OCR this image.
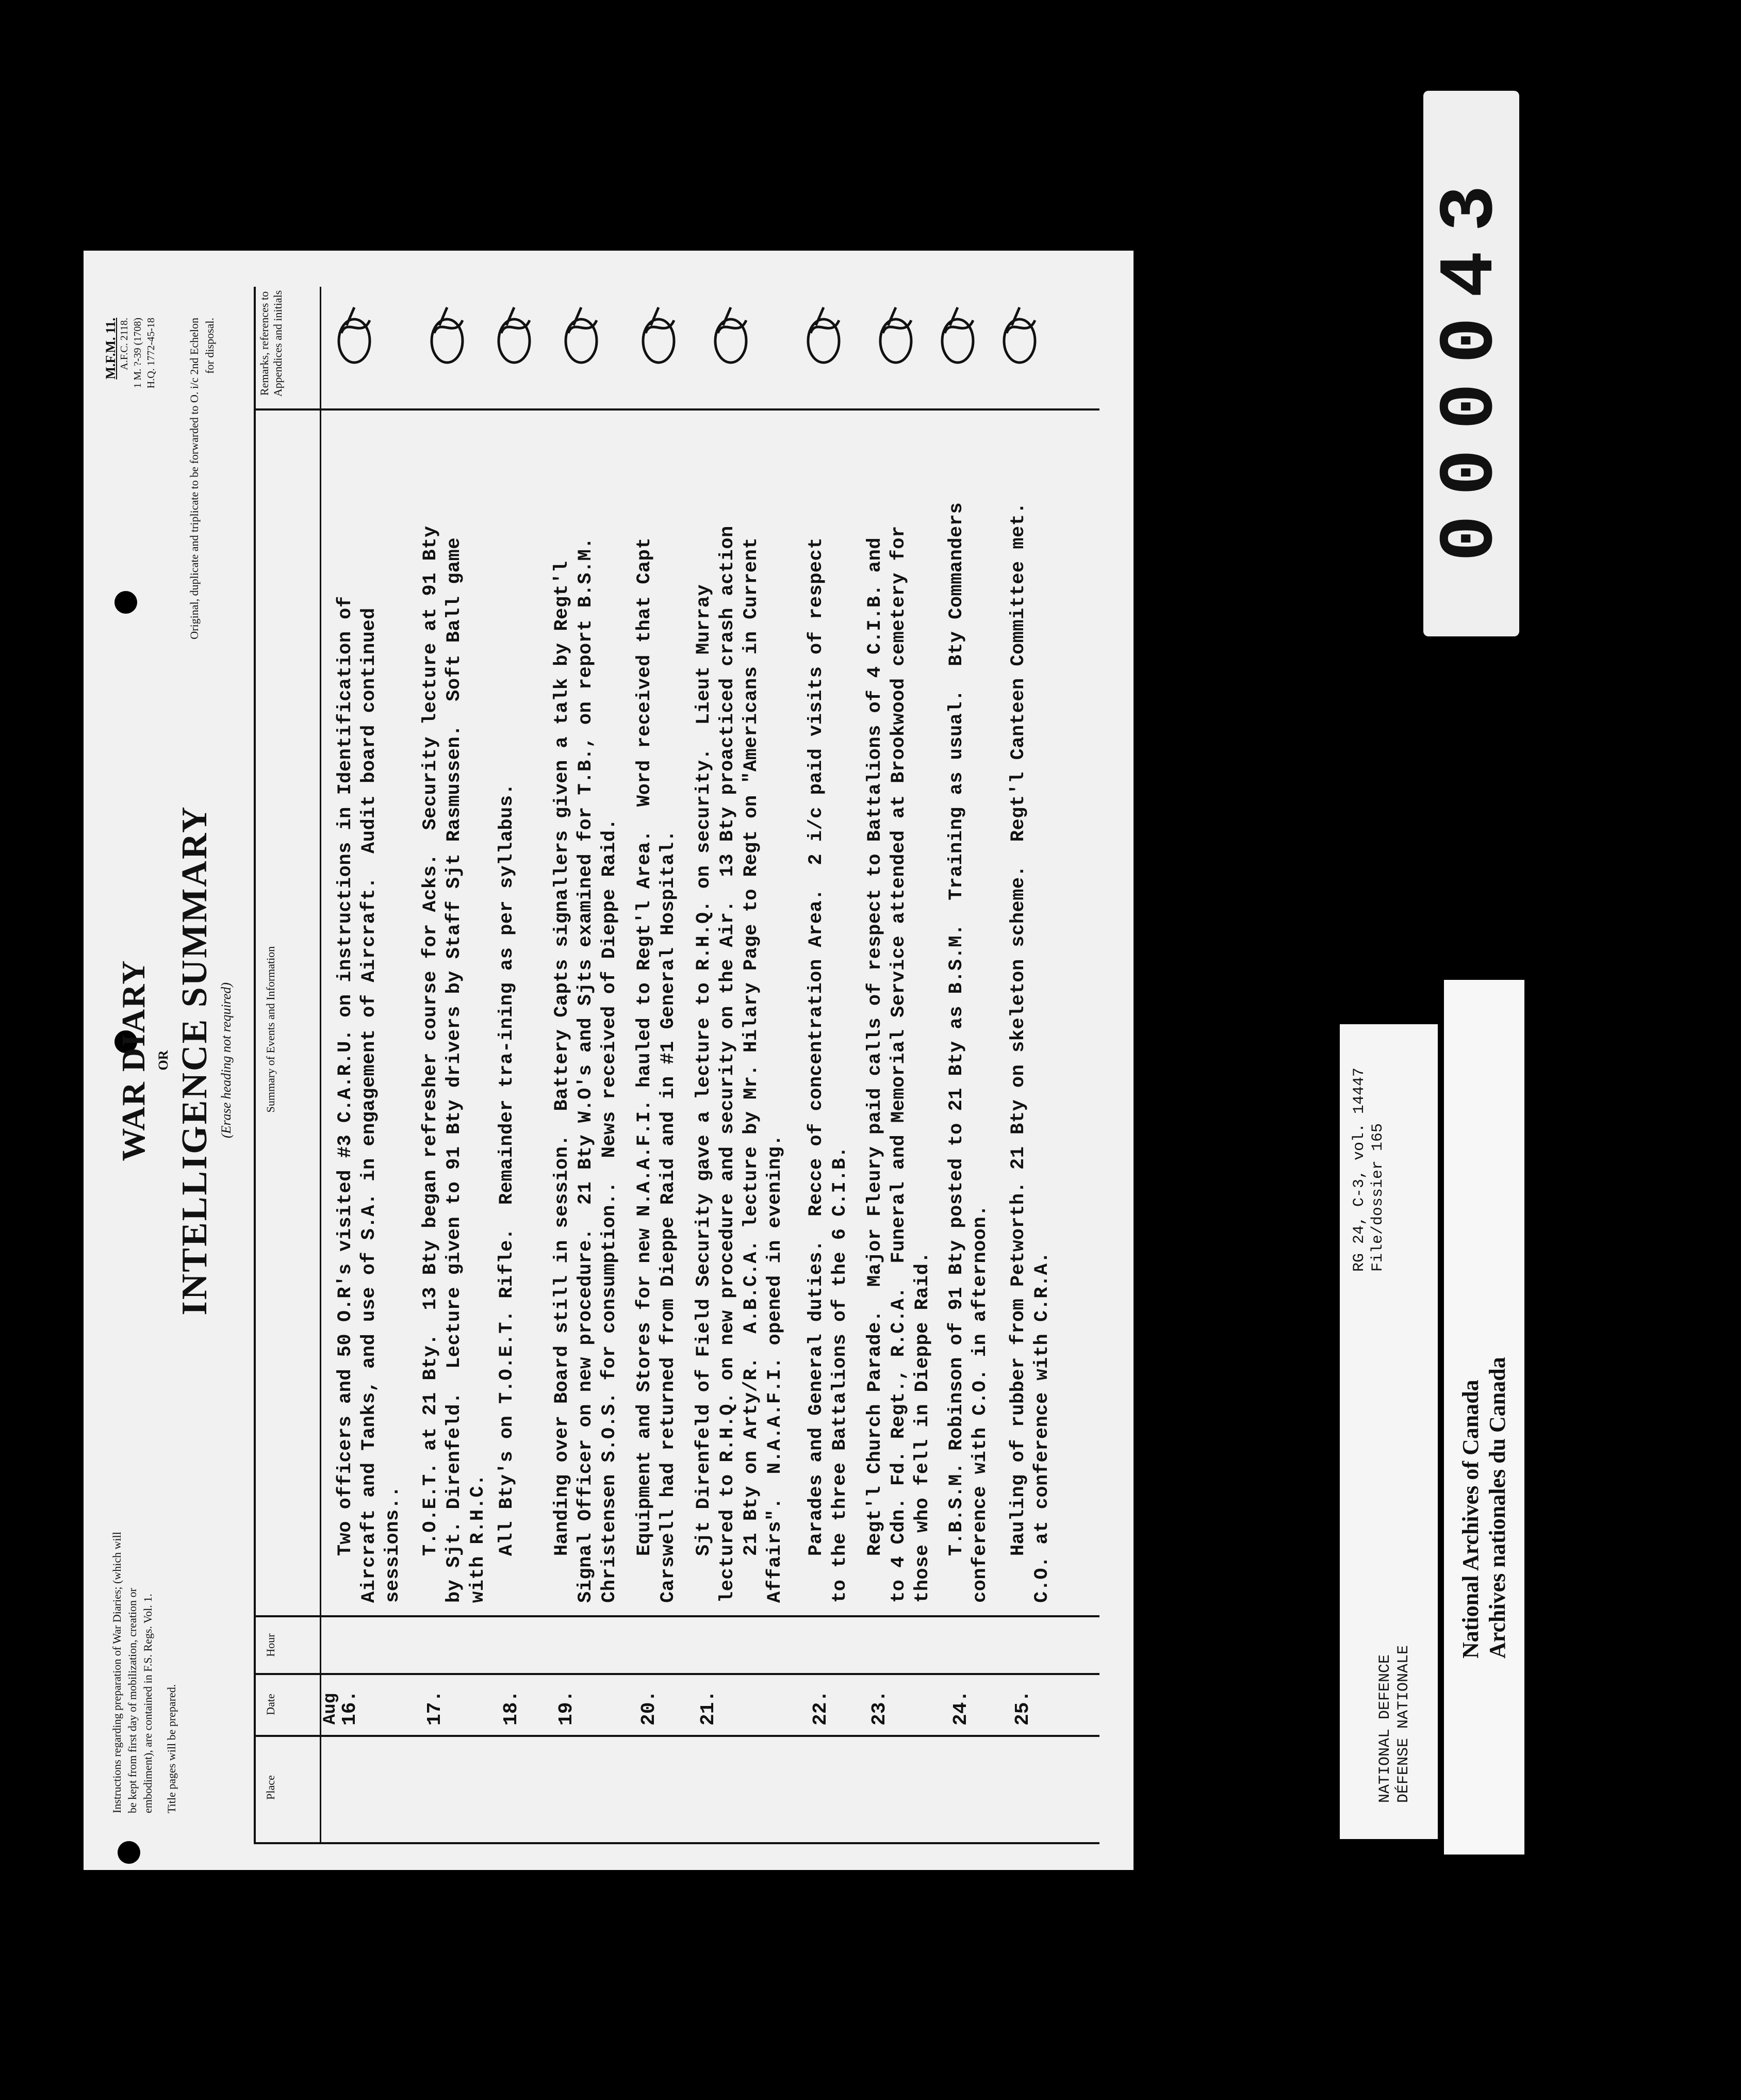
Instructions regarding preparation of War Diaries; (which will be kept from first day of mobilization, creation or embodiment), are contained in F.S. Regs. Vol. 1. Title pages will be prepared.
WAR DIARY OR INTELLIGENCE SUMMARY (Erase heading not required)
M.F.M. 11. A.F.C. 2118. 1 M. ?-39 (1708) H.Q. 1772-45-18	Original, duplicate and triplicate to be forwarded to O. i/c 2nd Echelon for disposal.
Place
Date
Hour
Summary of Events and Information
Remarks, references to Appendices and initials
Aug
16.
Two officers and 50 O.R's visited #3 C.A.R.U. on instructions in Identification of
Aircraft and Tanks, and use of S.A. in engagement of Aircraft.  Audit board continued
sessions..
17.
T.O.E.T. at 21 Bty.  13 Bty began refresher course for Acks.  Security lecture at 91 Bty
by Sjt. Direnfeld.  Lecture given to 91 Bty drivers by Staff Sjt Rasmussen.  Soft Ball game
with R.H.C.
18.
All Bty's on T.O.E.T. Rifle.  Remainder tra-ining as per syllabus.
19.
Handing over Board still in session.  Battery Capts signallers given a talk by Regt'l
Signal Officer on new procedure.  21 Bty W.O's and Sjts examined for T.B., on report B.S.M.
Christensen S.O.S. for consumption..  News received of Dieppe Raid.
20.
Equipment and Stores for new N.A.A.F.I. hauled to Regt'l Area.  Word received that Capt
Carswell had returned from Dieppe Raid and in #1 General Hospital.
21.
Sjt Direnfeld of Field Security gave a lecture to R.H.Q. on security.  Lieut Murray
lectured to R.H.Q. on new procedure and security on the Air.  13 Bty proacticed crash action
21 Bty on Arty/R.  A.B.C.A. lecture by Mr. Hilary Page to Regt on "Americans in Current
Affairs".  N.A.A.F.I. opened in evening.
22.
Parades and General duties.  Recce of concentration Area.  2 i/c paid visits of respect
to the three Battalions of the 6 C.I.B.
23.
Regt'l Church Parade.  Major Fleury paid calls of respect to Battalions of 4 C.I.B. and
to 4 Cdn. Fd. Regt., R.C.A.  Funeral and Memorial Service attended at Brookwood cemetery for
those who fell in Dieppe Raid.
24.
T.B.S.M. Robinson of 91 Bty posted to 21 Bty as B.S.M.  Training as usual.  Bty Commanders
conference with C.O. in afternoon.
25.
Hauling of rubber from Petworth. 21 Bty on skeleton scheme.  Regt'l Canteen Committee met.
C.O. at conference with C.R.A.
000043
NATIONAL DEFENCE DÉFENSE NATIONALE
RG 24, C-3, vol. 14447 File/dossier 165
National Archives of Canada Archives nationales du Canada
